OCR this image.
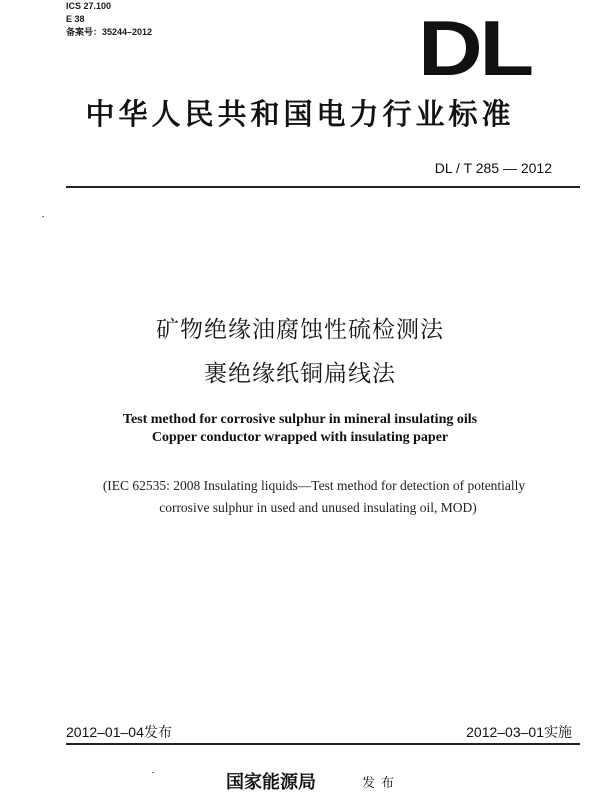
ICS 27.100
E 38
备案号：35244–2012	DL
中华人民共和国电力行业标准
DL / T 285 — 2012
矿物绝缘油腐蚀性硫检测法
裹绝缘纸铜扁线法
Test method for corrosive sulphur in mineral insulating oils
Copper conductor wrapped with insulating paper
(IEC 62535: 2008 Insulating liquids—Test method for detection of potentially
corrosive sulphur in used and unused insulating oil, MOD)
2012–01–04发布	2012–03–01实施
国家能源局	发布
